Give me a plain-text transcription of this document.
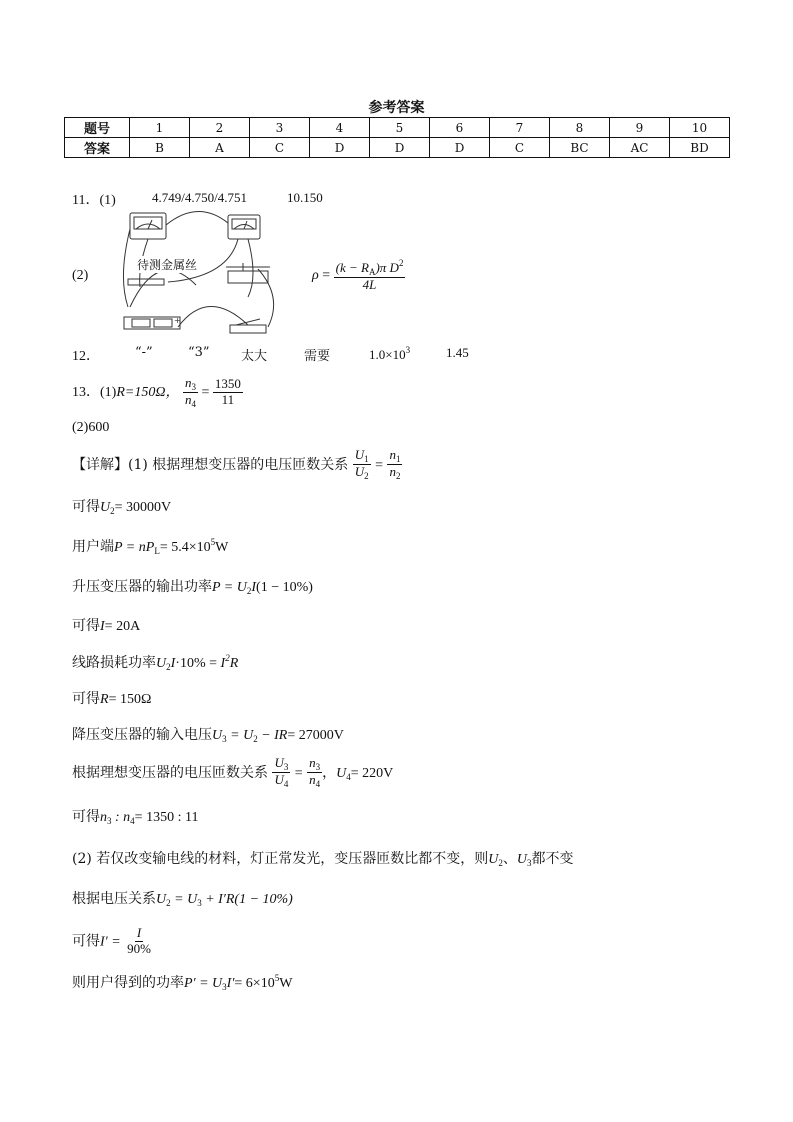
参考答案
题号	1	2	3	4	5	6	7	8	9	10
答案	B	A	C	D	D	D	C	BC	AC	BD
11．(1)	4.749/4.750/4.751	10.150
(2)
+
待测金属丝
$\rho = \frac{(k - R_A)\pi D^2}{4L}$
12．	“-”	“3” 太大	需要	$1.0\times 10^3$	1.45
13．(1)R=150Ω， $\frac{n_3}{n_4} = \frac{1350}{11}$
(2)600
【详解】(1) 根据理想变压器的电压匝数关系 $\frac{U_1}{U_2} = \frac{n_1}{n_2}$
可得$U_2= 30000V$
用户端$P = nP_L= 5.4\times 10^5W$
升压变压器的输出功率$P = U_2I(1 - 10\%)$
可得I= 20A
线路损耗功率$U_2I\cdot 10\% = I^2R$
可得R= 150Ω
降压变压器的输入电压$U_3 = U_2 - IR= 27000V$
根据理想变压器的电压匝数关系 $\frac{U_3}{U_4} = \frac{n_3}{n_4}$ ，$U_4= 220V$
可得$n_3$ : $n_4= 1350$ : 11
(2) 若仅改变输电线的材料，灯正常发光，变压器匝数比都不变，则$U_2$、$U_3$都不变
根据电压关系$U_2 = U_3 + I'R(1 - 10\%)$
可得$I' = \frac{I}{90\%}$
则用户得到的功率$P' = U_3I'= 6\times 10^5W$
